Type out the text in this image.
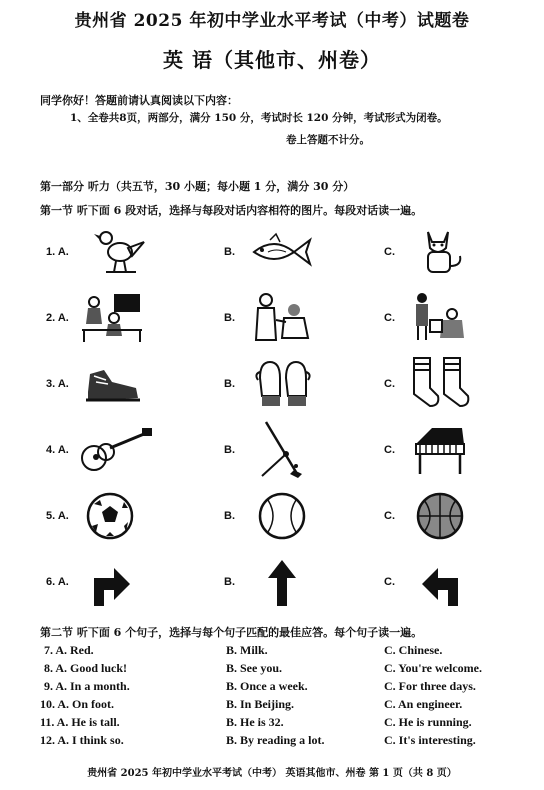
贵州省 2025 年初中学业水平考试（中考）试题卷
英 语（其他市、州卷）
同学你好！答题前请认真阅读以下内容：
1、全卷共8页，两部分，满分 150 分，考试时长 120 分钟，考试形式为闭卷。
卷上答题不计分。
第一部分 听力（共五节，30 小题；每小题 1 分，满分 30 分）
第一节 听下面 6 段对话，选择与每段对话内容相符的图片。每段对话读一遍。
1. A.	B.	C.
2. A.	B.	C.
3. A.	B.	C.
4. A.	B.	C.
5. A.	B.	C.
6. A.	B.	C.
第二节 听下面 6 个句子，选择与每个句子匹配的最佳应答。每个句子读一遍。
7. A. Red.	B. Milk.	C. Chinese.
8. A. Good luck!	B. See you.	C. You're welcome.
9. A. In a month.	B. Once a week.	C. For three days.
10. A. On foot.	B. In Beijing.	C. An engineer.
11. A. He is tall.	B. He is 32.	C. He is running.
12. A. I think so.	B. By reading a lot.	C. It's interesting.
贵州省 2025 年初中学业水平考试（中考） 英语其他市、州卷 第 1 页（共 8 页）
